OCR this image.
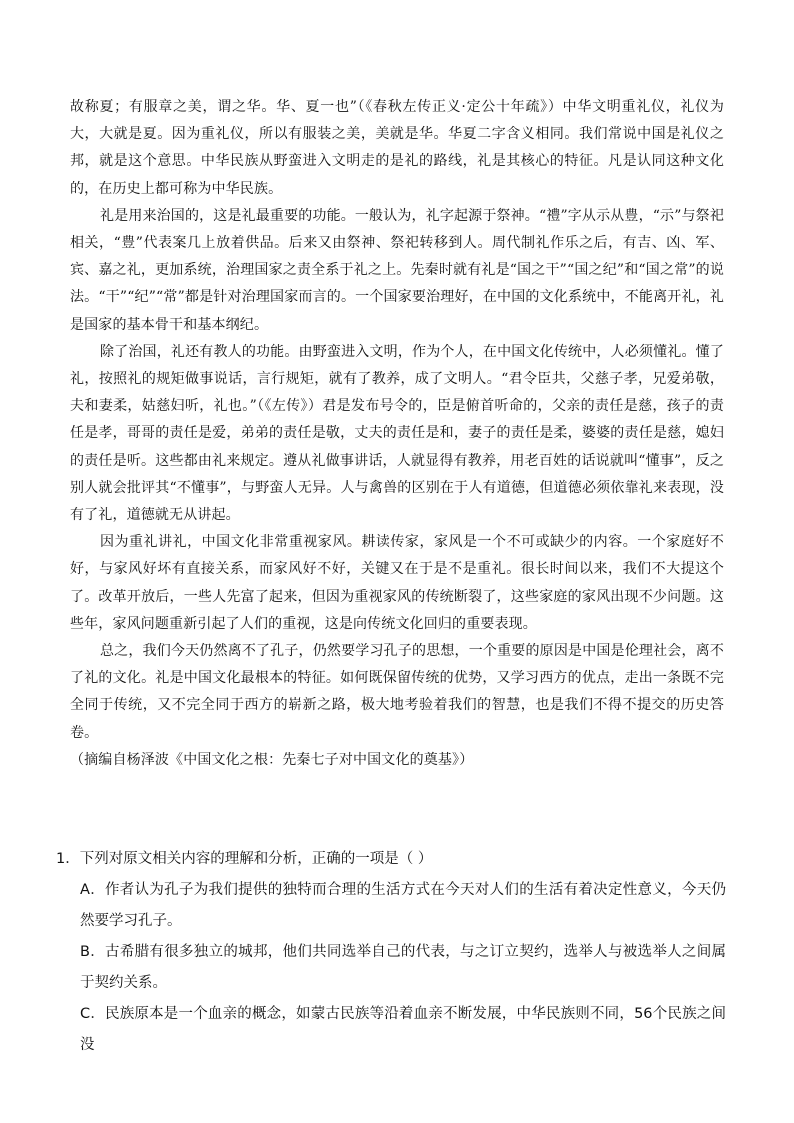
故称夏；有服章之美，谓之华。华、夏一也”（《春秋左传正义·定公十年疏》）中华文明重礼仪，礼仪为大，大就是夏。因为重礼仪，所以有服装之美，美就是华。华夏二字含义相同。我们常说中国是礼仪之邦，就是这个意思。中华民族从野蛮进入文明走的是礼的路线，礼是其核心的特征。凡是认同这种文化的，在历史上都可称为中华民族。

礼是用来治国的，这是礼最重要的功能。一般认为，礼字起源于祭神。“禮”字从示从豊，“示”与祭祀相关，“豊”代表案几上放着供品。后来又由祭神、祭祀转移到人。周代制礼作乐之后，有吉、凶、军、宾、嘉之礼，更加系统，治理国家之责全系于礼之上。先秦时就有礼是“国之干”“国之纪”和“国之常”的说法。“干”“纪”“常”都是针对治理国家而言的。一个国家要治理好，在中国的文化系统中，不能离开礼，礼是国家的基本骨干和基本纲纪。

除了治国，礼还有教人的功能。由野蛮进入文明，作为个人，在中国文化传统中，人必须懂礼。懂了礼，按照礼的规矩做事说话，言行规矩，就有了教养，成了文明人。“君令臣共，父慈子孝，兄爱弟敬，夫和妻柔，姑慈妇听，礼也。”（《左传》）君是发布号令的，臣是俯首听命的，父亲的责任是慈，孩子的责任是孝，哥哥的责任是爱，弟弟的责任是敬，丈夫的责任是和，妻子的责任是柔，婆婆的责任是慈，媳妇的责任是听。这些都由礼来规定。遵从礼做事讲话，人就显得有教养，用老百姓的话说就叫“懂事”，反之别人就会批评其“不懂事”，与野蛮人无异。人与禽兽的区别在于人有道德，但道德必须依靠礼来表现，没有了礼，道德就无从讲起。

因为重礼讲礼，中国文化非常重视家风。耕读传家，家风是一个不可或缺少的内容。一个家庭好不好，与家风好坏有直接关系，而家风好不好，关键又在于是不是重礼。很长时间以来，我们不大提这个了。改革开放后，一些人先富了起来，但因为重视家风的传统断裂了，这些家庭的家风出现不少问题。这些年，家风问题重新引起了人们的重视，这是向传统文化回归的重要表现。

总之，我们今天仍然离不了孔子，仍然要学习孔子的思想，一个重要的原因是中国是伦理社会，离不了礼的文化。礼是中国文化最根本的特征。如何既保留传统的优势，又学习西方的优点，走出一条既不完全同于传统，又不完全同于西方的崭新之路，极大地考验着我们的智慧，也是我们不得不提交的历史答卷。

（摘编自杨泽波《中国文化之根：先秦七子对中国文化的奠基》）

1．下列对原文相关内容的理解和分析，正确的一项是（ ）

A．作者认为孔子为我们提供的独特而合理的生活方式在今天对人们的生活有着决定性意义，今天仍然要学习孔子。

B．古希腊有很多独立的城邦，他们共同选举自己的代表，与之订立契约，选举人与被选举人之间属于契约关系。

C．民族原本是一个血亲的概念，如蒙古民族等沿着血亲不断发展，中华民族则不同，56个民族之间没
